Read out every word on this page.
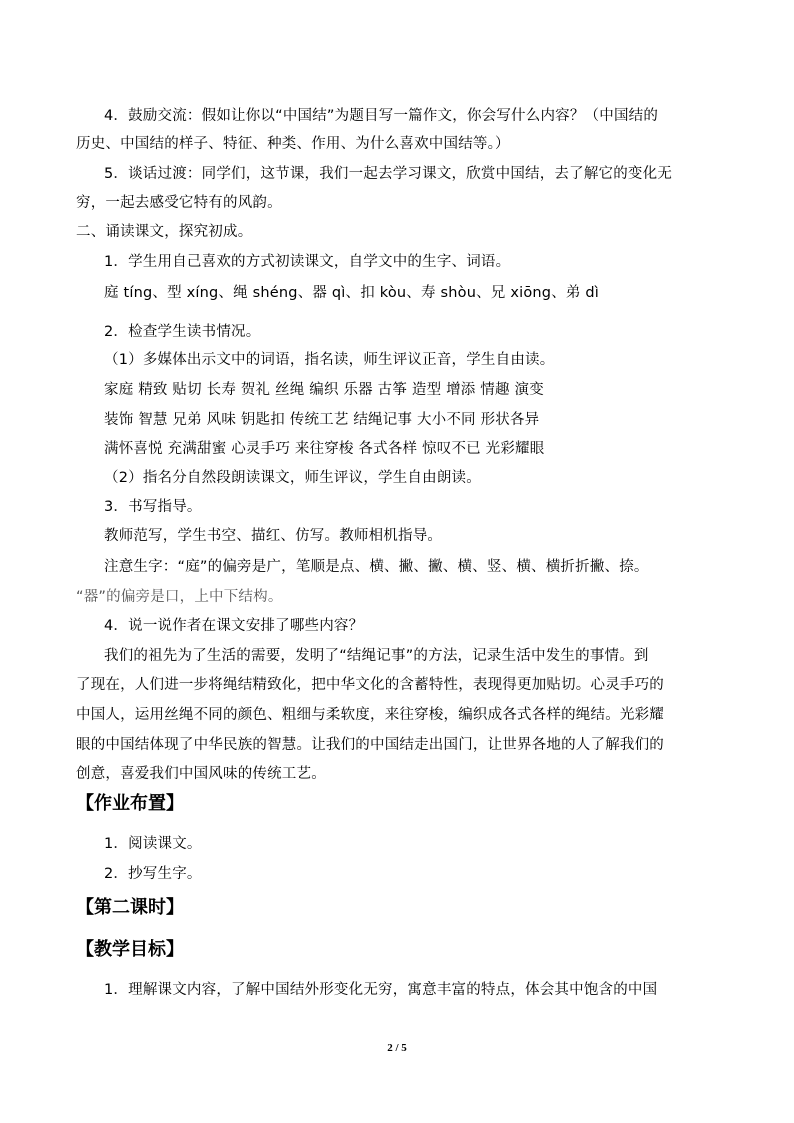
4．鼓励交流：假如让你以“中国结”为题目写一篇作文，你会写什么内容？（中国结的
历史、中国结的样子、特征、种类、作用、为什么喜欢中国结等。）
5．谈话过渡：同学们，这节课，我们一起去学习课文，欣赏中国结，去了解它的变化无
穷，一起去感受它特有的风韵。
二、诵读课文，探究初成。
1．学生用自己喜欢的方式初读课文，自学文中的生字、词语。
庭 tíng、型 xíng、绳 shéng、器 qì、扣 kòu、寿 shòu、兄 xiōng、弟 dì
2．检查学生读书情况。
（1）多媒体出示文中的词语，指名读，师生评议正音，学生自由读。
家庭 精致 贴切 长寿 贺礼 丝绳 编织 乐器 古筝 造型 增添 情趣 演变
装饰 智慧 兄弟 风味 钥匙扣 传统工艺 结绳记事 大小不同 形状各异
满怀喜悦 充满甜蜜 心灵手巧 来往穿梭 各式各样 惊叹不已 光彩耀眼
（2）指名分自然段朗读课文，师生评议，学生自由朗读。
3．书写指导。
教师范写，学生书空、描红、仿写。教师相机指导。
注意生字：“庭”的偏旁是广，笔顺是点、横、撇、撇、横、竖、横、横折折撇、捺。
“器”的偏旁是口，上中下结构。
4．说一说作者在课文安排了哪些内容？
我们的祖先为了生活的需要，发明了“结绳记事”的方法，记录生活中发生的事情。到
了现在，人们进一步将绳结精致化，把中华文化的含蓄特性，表现得更加贴切。心灵手巧的
中国人，运用丝绳不同的颜色、粗细与柔软度，来往穿梭，编织成各式各样的绳结。光彩耀
眼的中国结体现了中华民族的智慧。让我们的中国结走出国门，让世界各地的人了解我们的
创意，喜爱我们中国风味的传统工艺。
【作业布置】
1．阅读课文。
2．抄写生字。
【第二课时】
【教学目标】
1．理解课文内容，了解中国结外形变化无穷，寓意丰富的特点，体会其中饱含的中国
2 / 5
